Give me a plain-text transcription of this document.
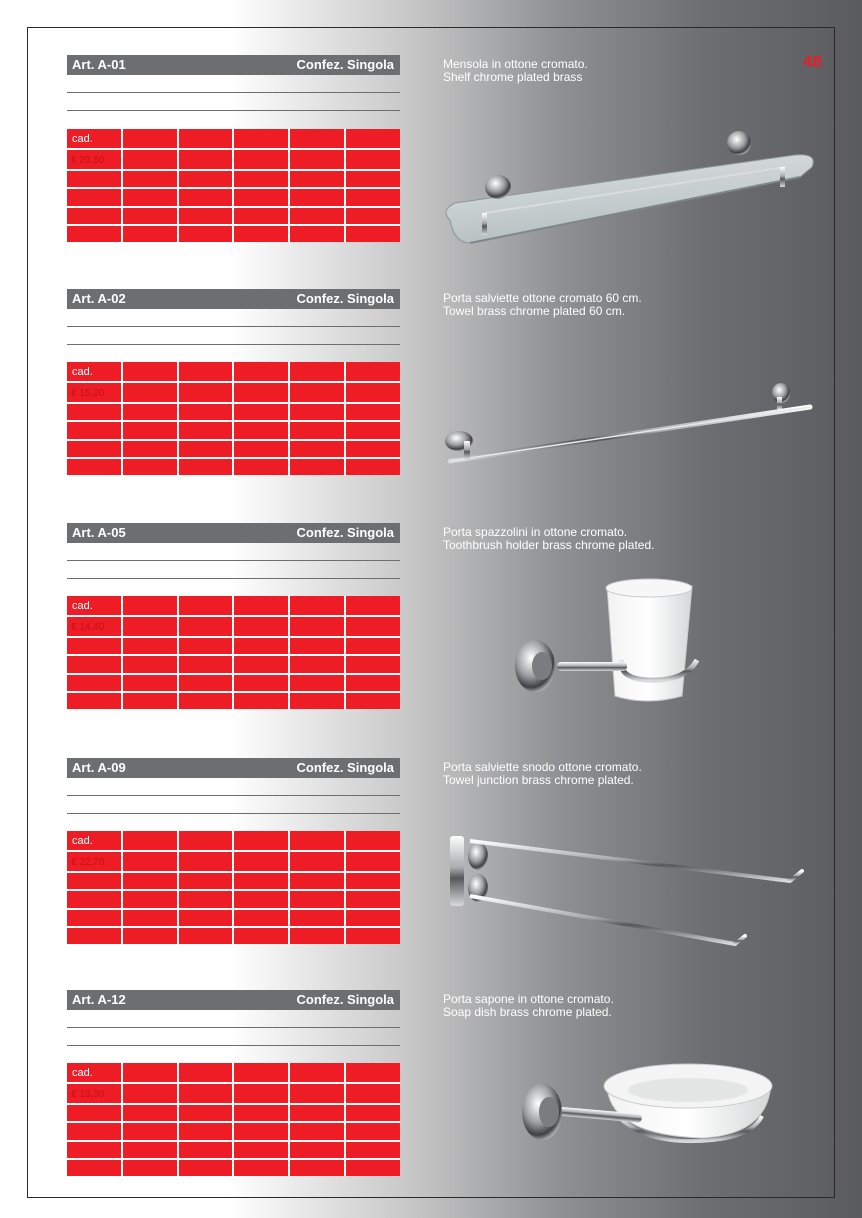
48
Art. A-01	Confez. Singola
cad.
€ 29,50
Mensola in ottone cromato.
Shelf chrome plated brass
Art. A-02	Confez. Singola
cad.
€ 15,20
Porta salviette ottone cromato 60 cm.
Towel brass chrome plated 60 cm.
Art. A-05	Confez. Singola
cad.
€ 14,40
Porta spazzolini in ottone cromato.
Toothbrush holder brass chrome plated.
Art. A-09	Confez. Singola
cad.
€ 22,70
Porta salviette snodo ottone cromato.
Towel junction brass chrome plated.
Art. A-12	Confez. Singola
cad.
€ 13,30
Porta sapone in ottone cromato.
Soap dish brass chrome plated.
